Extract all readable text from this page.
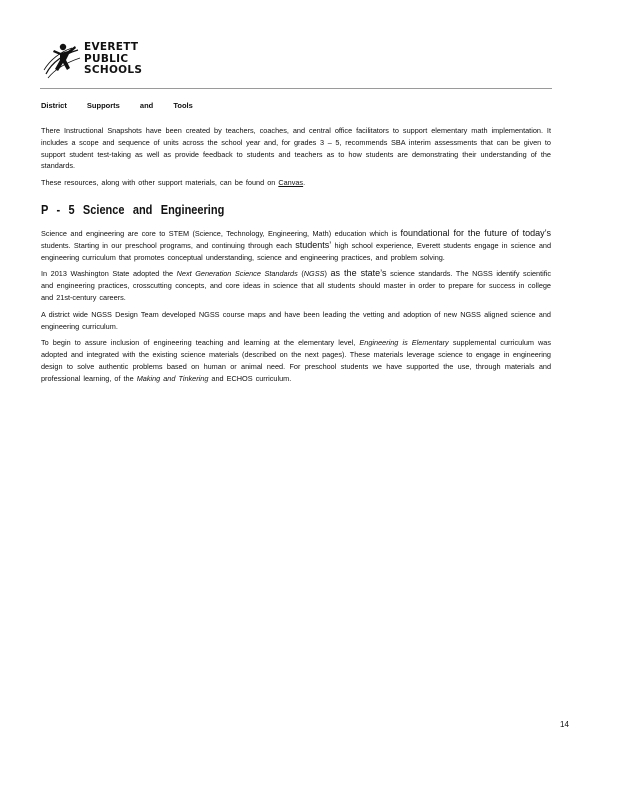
EVERETT
PUBLIC
SCHOOLS
District Supports and Tools

There Instructional Snapshots have been created by teachers, coaches, and central office facilitators to support elementary math implementation. It includes a scope and sequence of units across the school year and, for grades 3 – 5, recommends SBA interim assessments that can be given to support student test-taking as well as provide feedback to students and teachers as to how students are demonstrating their understanding of the standards.

These resources, along with other support materials, can be found on Canvas.

P - 5 Science and Engineering

Science and engineering are core to STEM (Science, Technology, Engineering, Math) education which is foundational for the future of today’s students. Starting in our preschool programs, and continuing through each students’ high school experience, Everett students engage in science and engineering curriculum that promotes conceptual understanding, science and engineering practices, and problem solving.

In 2013 Washington State adopted the Next Generation Science Standards (NGSS) as the state’s science standards. The NGSS identify scientific and engineering practices, crosscutting concepts, and core ideas in science that all students should master in order to prepare for success in college and 21st-century careers.

A district wide NGSS Design Team developed NGSS course maps and have been leading the vetting and adoption of new NGSS aligned science and engineering curriculum.

To begin to assure inclusion of engineering teaching and learning at the elementary level, Engineering is Elementary supplemental curriculum was adopted and integrated with the existing science materials (described on the next pages). These materials leverage science to engage in engineering design to solve authentic problems based on human or animal need. For preschool students we have supported the use, through materials and professional learning, of the Making and Tinkering and ECHOS curriculum.

14
